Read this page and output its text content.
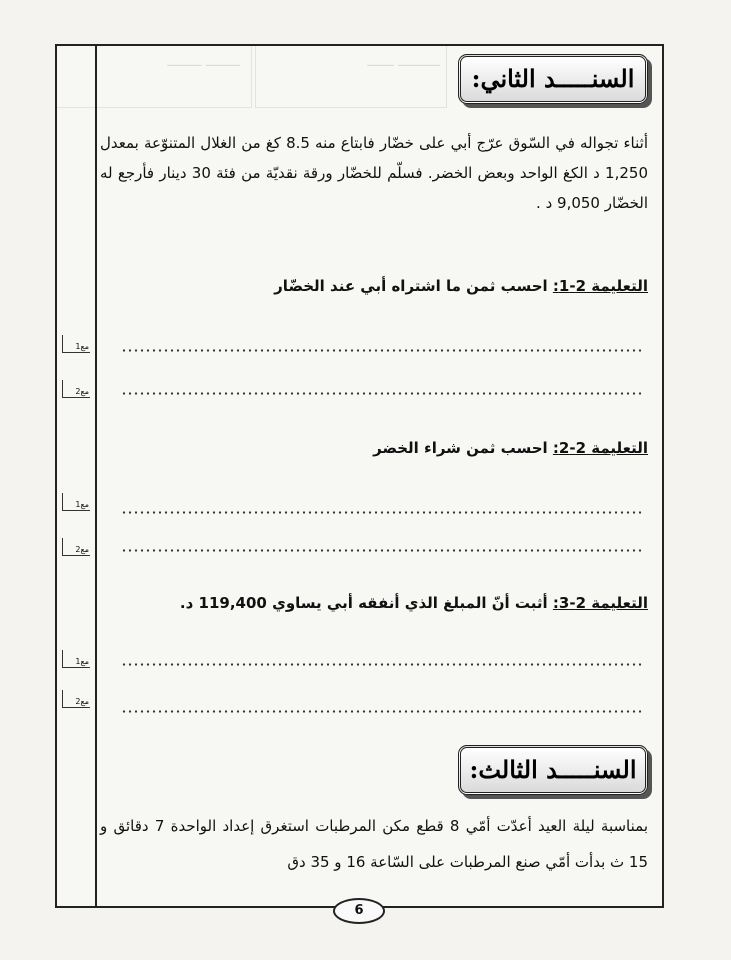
السنـــــد الثاني:
أثناء تجواله في السّوق عرّج أبي على خضّار فابتاع منه 8.5 كغ من الغلال المتنوّعة بمعدل 1,250 د الكغ الواحد وبعض الخضر. فسلّم للخضّار ورقة نقديّة من فئة 30 دينار فأرجع له الخضّار 9,050 د .
التعليمة 2-1: احسب ثمن ما اشتراه أبي عند الخضّار
مع1
مع2
التعليمة 2-2: احسب ثمن شراء الخضر
مع1
مع2
التعليمة 2-3: أثبت أنّ المبلغ الذي أنفقه أبي يساوي 119,400 د.
مع1
مع2
السنـــــد الثالث:
بمناسبة ليلة العيد أعدّت أمّي 8 قطع مكن المرطبات استغرق إعداد الواحدة 7 دقائق و 15 ث بدأت أمّي صنع المرطبات على السّاعة 16 و 35 دق
6
